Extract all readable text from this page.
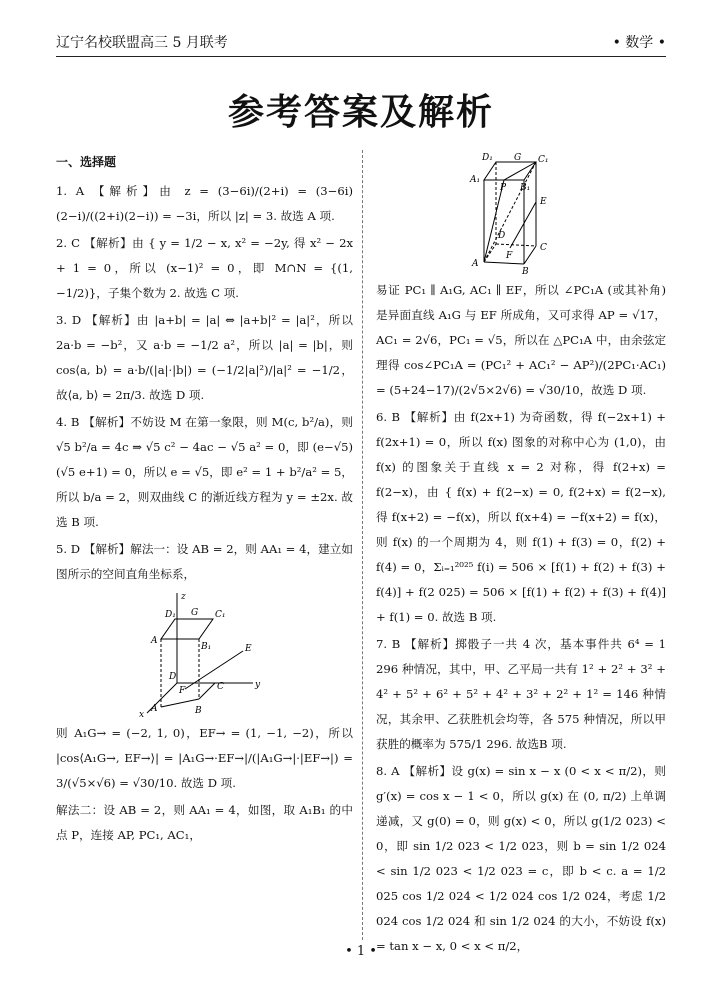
辽宁名校联盟高三 5 月联考	• 数学 •
参考答案及解析
一、选择题

1. A 【解析】由 z = (3−6i)/(2+i) = (3−6i)(2−i)/((2+i)(2−i)) = −3i，所以 |z| = 3. 故选 A 项.

2. C 【解析】由 { y = 1/2 − x, x² = −2y, 得 x² − 2x + 1 = 0，所以 (x−1)² = 0，即 M∩N = {(1, −1/2)}，子集个数为 2. 故选 C 项.

3. D 【解析】由 |a+b| = |a| ⇔ |a+b|² = |a|²，所以 2a·b = −b²，又 a·b = −1/2 a²，所以 |a| = |b|，则 cos⟨a, b⟩ = a·b/(|a|·|b|) = (−1/2|a|²)/|a|² = −1/2，故⟨a, b⟩ = 2π/3. 故选 D 项.

4. B 【解析】不妨设 M 在第一象限，则 M(c, b²/a)，则 √5 b²/a = 4c ⇒ √5 c² − 4ac − √5 a² = 0，即 (e−√5)(√5 e+1) = 0，所以 e = √5，即 e² = 1 + b²/a² = 5，所以 b/a = 2，则双曲线 C 的渐近线方程为 y = ±2x. 故选 B 项.

5. D 【解析】解法一：设 AB = 2，则 AA₁ = 4，建立如图所示的空间直角坐标系，

z
D₁ G C₁
A
B₁	E
D
F	C	y
x
A	B

则 A₁G→ = (−2, 1, 0)，EF→ = (1, −1, −2)，所以 |cos⟨A₁G→, EF→⟩| = |A₁G→·EF→|/(|A₁G→|·|EF→|) = 3/(√5×√6) = √30/10. 故选 D 项.

解法二：设 AB = 2，则 AA₁ = 4，如图，取 A₁B₁ 的中点 P，连接 AP, PC₁, AC₁，

D₁ G C₁
A₁
P B₁
E
D
A
F
C
B

易证 PC₁ ∥ A₁G, AC₁ ∥ EF，所以 ∠PC₁A (或其补角) 是异面直线 A₁G 与 EF 所成角，又可求得 AP = √17，AC₁ = 2√6，PC₁ = √5，所以在 △PC₁A 中，由余弦定理得 cos∠PC₁A = (PC₁² + AC₁² − AP²)/(2PC₁·AC₁) = (5+24−17)/(2√5×2√6) = √30/10，故选 D 项.

6. B 【解析】由 f(2x+1) 为奇函数，得 f(−2x+1) + f(2x+1) = 0，所以 f(x) 图象的对称中心为 (1,0)，由 f(x) 的图象关于直线 x = 2 对称，得 f(2+x) = f(2−x)，由 { f(x) + f(2−x) = 0, f(2+x) = f(2−x), 得 f(x+2) = −f(x)，所以 f(x+4) = −f(x+2) = f(x)，则 f(x) 的一个周期为 4，则 f(1) + f(3) = 0，f(2) + f(4) = 0，Σᵢ₌₁²⁰²⁵ f(i) = 506 × [f(1) + f(2) + f(3) + f(4)] + f(2 025) = 506 × [f(1) + f(2) + f(3) + f(4)] + f(1) = 0. 故选 B 项.

7. B 【解析】掷骰子一共 4 次，基本事件共 6⁴ = 1 296 种情况，其中，甲、乙平局一共有 1² + 2² + 3² + 4² + 5² + 6² + 5² + 4² + 3² + 2² + 1² = 146 种情况，其余甲、乙获胜机会均等，各 575 种情况，所以甲获胜的概率为 575/1 296. 故选B 项.

8. A 【解析】设 g(x) = sin x − x (0 < x < π/2)，则 g′(x) = cos x − 1 < 0，所以 g(x) 在 (0, π/2) 上单调递减，又 g(0) = 0，则 g(x) < 0，所以 g(1/2 023) < 0，即 sin 1/2 023 < 1/2 023，则 b = sin 1/2 024 < sin 1/2 023 < 1/2 023 = c，即 b < c. a = 1/2 025 cos 1/2 024 < 1/2 024 cos 1/2 024，考虑 1/2 024 cos 1/2 024 和 sin 1/2 024 的大小，不妨设 f(x) = tan x − x, 0 < x < π/2，

• 1 •
